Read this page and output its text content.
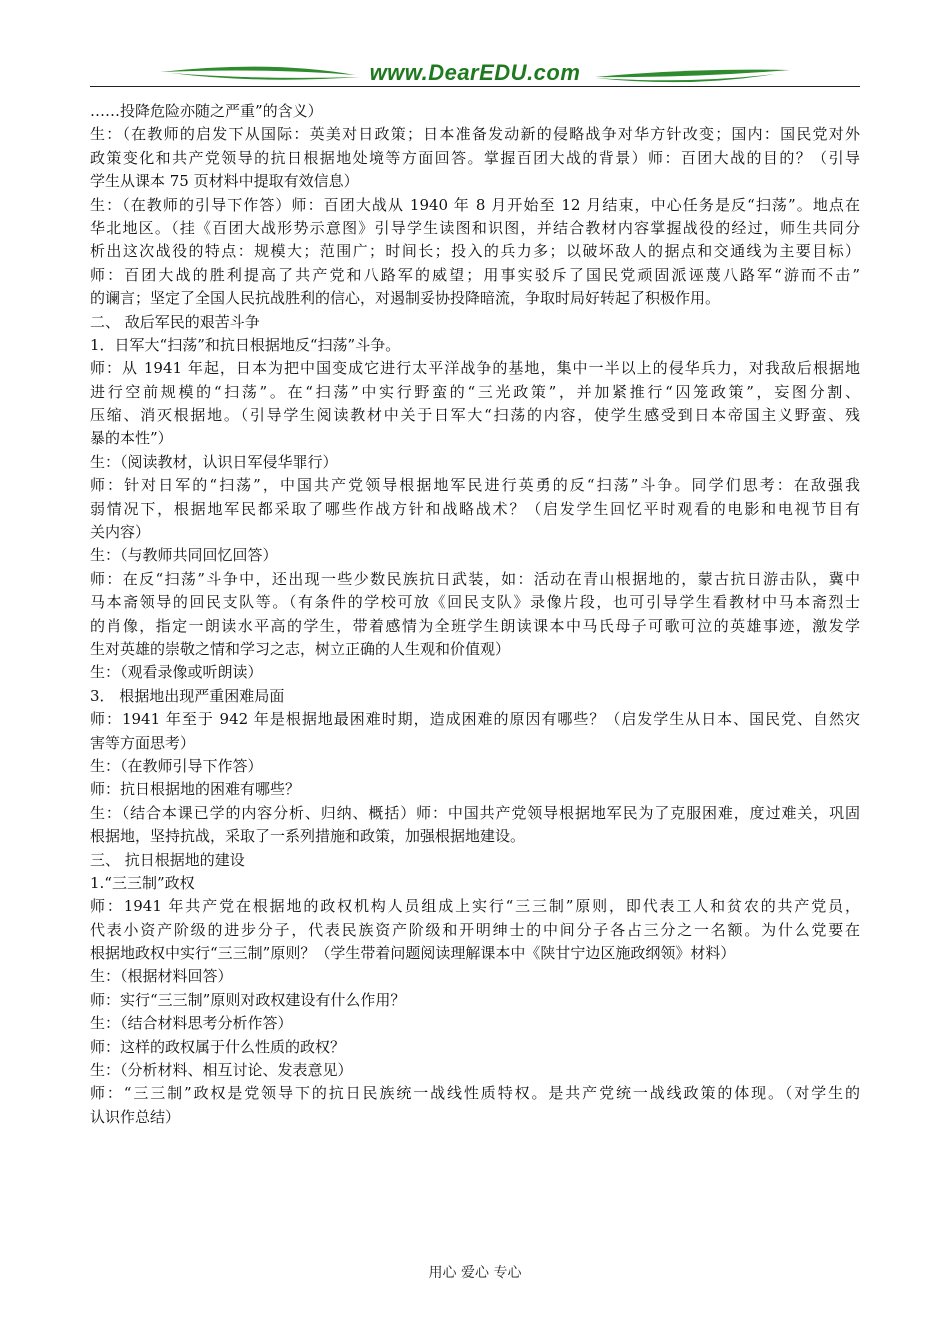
www.DearEDU.com
……投降危险亦随之严重”的含义）
生：（在教师的启发下从国际：英美对日政策；日本准备发动新的侵略战争对华方针改变；国内：国民党对外
政策变化和共产党领导的抗日根据地处境等方面回答。掌握百团大战的背景）师：百团大战的目的？（引导
学生从课本 75 页材料中提取有效信息）
生：（在教师的引导下作答）师：百团大战从 1940 年 8 月开始至 12 月结束，中心任务是反“扫荡”。地点在
华北地区。（挂《百团大战形势示意图》引导学生读图和识图，并结合教材内容掌握战役的经过，师生共同分
析出这次战役的特点：规模大；范围广；时间长；投入的兵力多；以破坏敌人的据点和交通线为主要目标）
师：百团大战的胜利提高了共产党和八路军的威望；用事实驳斥了国民党顽固派诬蔑八路军“游而不击”
的谰言；坚定了全国人民抗战胜利的信心，对遏制妥协投降暗流，争取时局好转起了积极作用。
二、 敌后军民的艰苦斗争
1．日军大“扫荡”和抗日根据地反“扫荡”斗争。
师：从 1941 年起，日本为把中国变成它进行太平洋战争的基地，集中一半以上的侵华兵力，对我敌后根据地
进行空前规模的“扫荡”。在“扫荡”中实行野蛮的“三光政策”，并加紧推行“囚笼政策”，妄图分割、
压缩、消灭根据地。（引导学生阅读教材中关于日军大“扫荡的内容，使学生感受到日本帝国主义野蛮、残
暴的本性”）
生：（阅读教材，认识日军侵华罪行）
师：针对日军的“扫荡”，中国共产党领导根据地军民进行英勇的反“扫荡”斗争。同学们思考：在敌强我
弱情况下，根据地军民都采取了哪些作战方针和战略战术？（启发学生回忆平时观看的电影和电视节目有
关内容）
生：（与教师共同回忆回答）
师：在反“扫荡”斗争中，还出现一些少数民族抗日武装，如：活动在青山根据地的，蒙古抗日游击队，冀中
马本斋领导的回民支队等。（有条件的学校可放《回民支队》录像片段，也可引导学生看教材中马本斋烈士
的肖像，指定一朗读水平高的学生，带着感情为全班学生朗读课本中马氏母子可歌可泣的英雄事迹，激发学
生对英雄的崇敬之情和学习之志，树立正确的人生观和价值观）
生：（观看录像或听朗读）
3． 根据地出现严重困难局面
师：1941 年至于 942 年是根据地最困难时期，造成困难的原因有哪些？（启发学生从日本、国民党、自然灾
害等方面思考）
生：（在教师引导下作答）
师：抗日根据地的困难有哪些？
生：（结合本课已学的内容分析、归纳、概括）师：中国共产党领导根据地军民为了克服困难，度过难关，巩固
根据地，坚持抗战，采取了一系列措施和政策，加强根据地建设。
三、 抗日根据地的建设
1.“三三制”政权
师：1941 年共产党在根据地的政权机构人员组成上实行“三三制”原则，即代表工人和贫农的共产党员，
代表小资产阶级的进步分子，代表民族资产阶级和开明绅士的中间分子各占三分之一名额。为什么党要在
根据地政权中实行“三三制”原则？（学生带着问题阅读理解课本中《陕甘宁边区施政纲领》材料）
生：（根据材料回答）
师：实行“三三制”原则对政权建设有什么作用？
生：（结合材料思考分析作答）
师：这样的政权属于什么性质的政权？
生：（分析材料、相互讨论、发表意见）
师：“三三制”政权是党领导下的抗日民族统一战线性质特权。是共产党统一战线政策的体现。（对学生的
认识作总结）
用心 爱心 专心
